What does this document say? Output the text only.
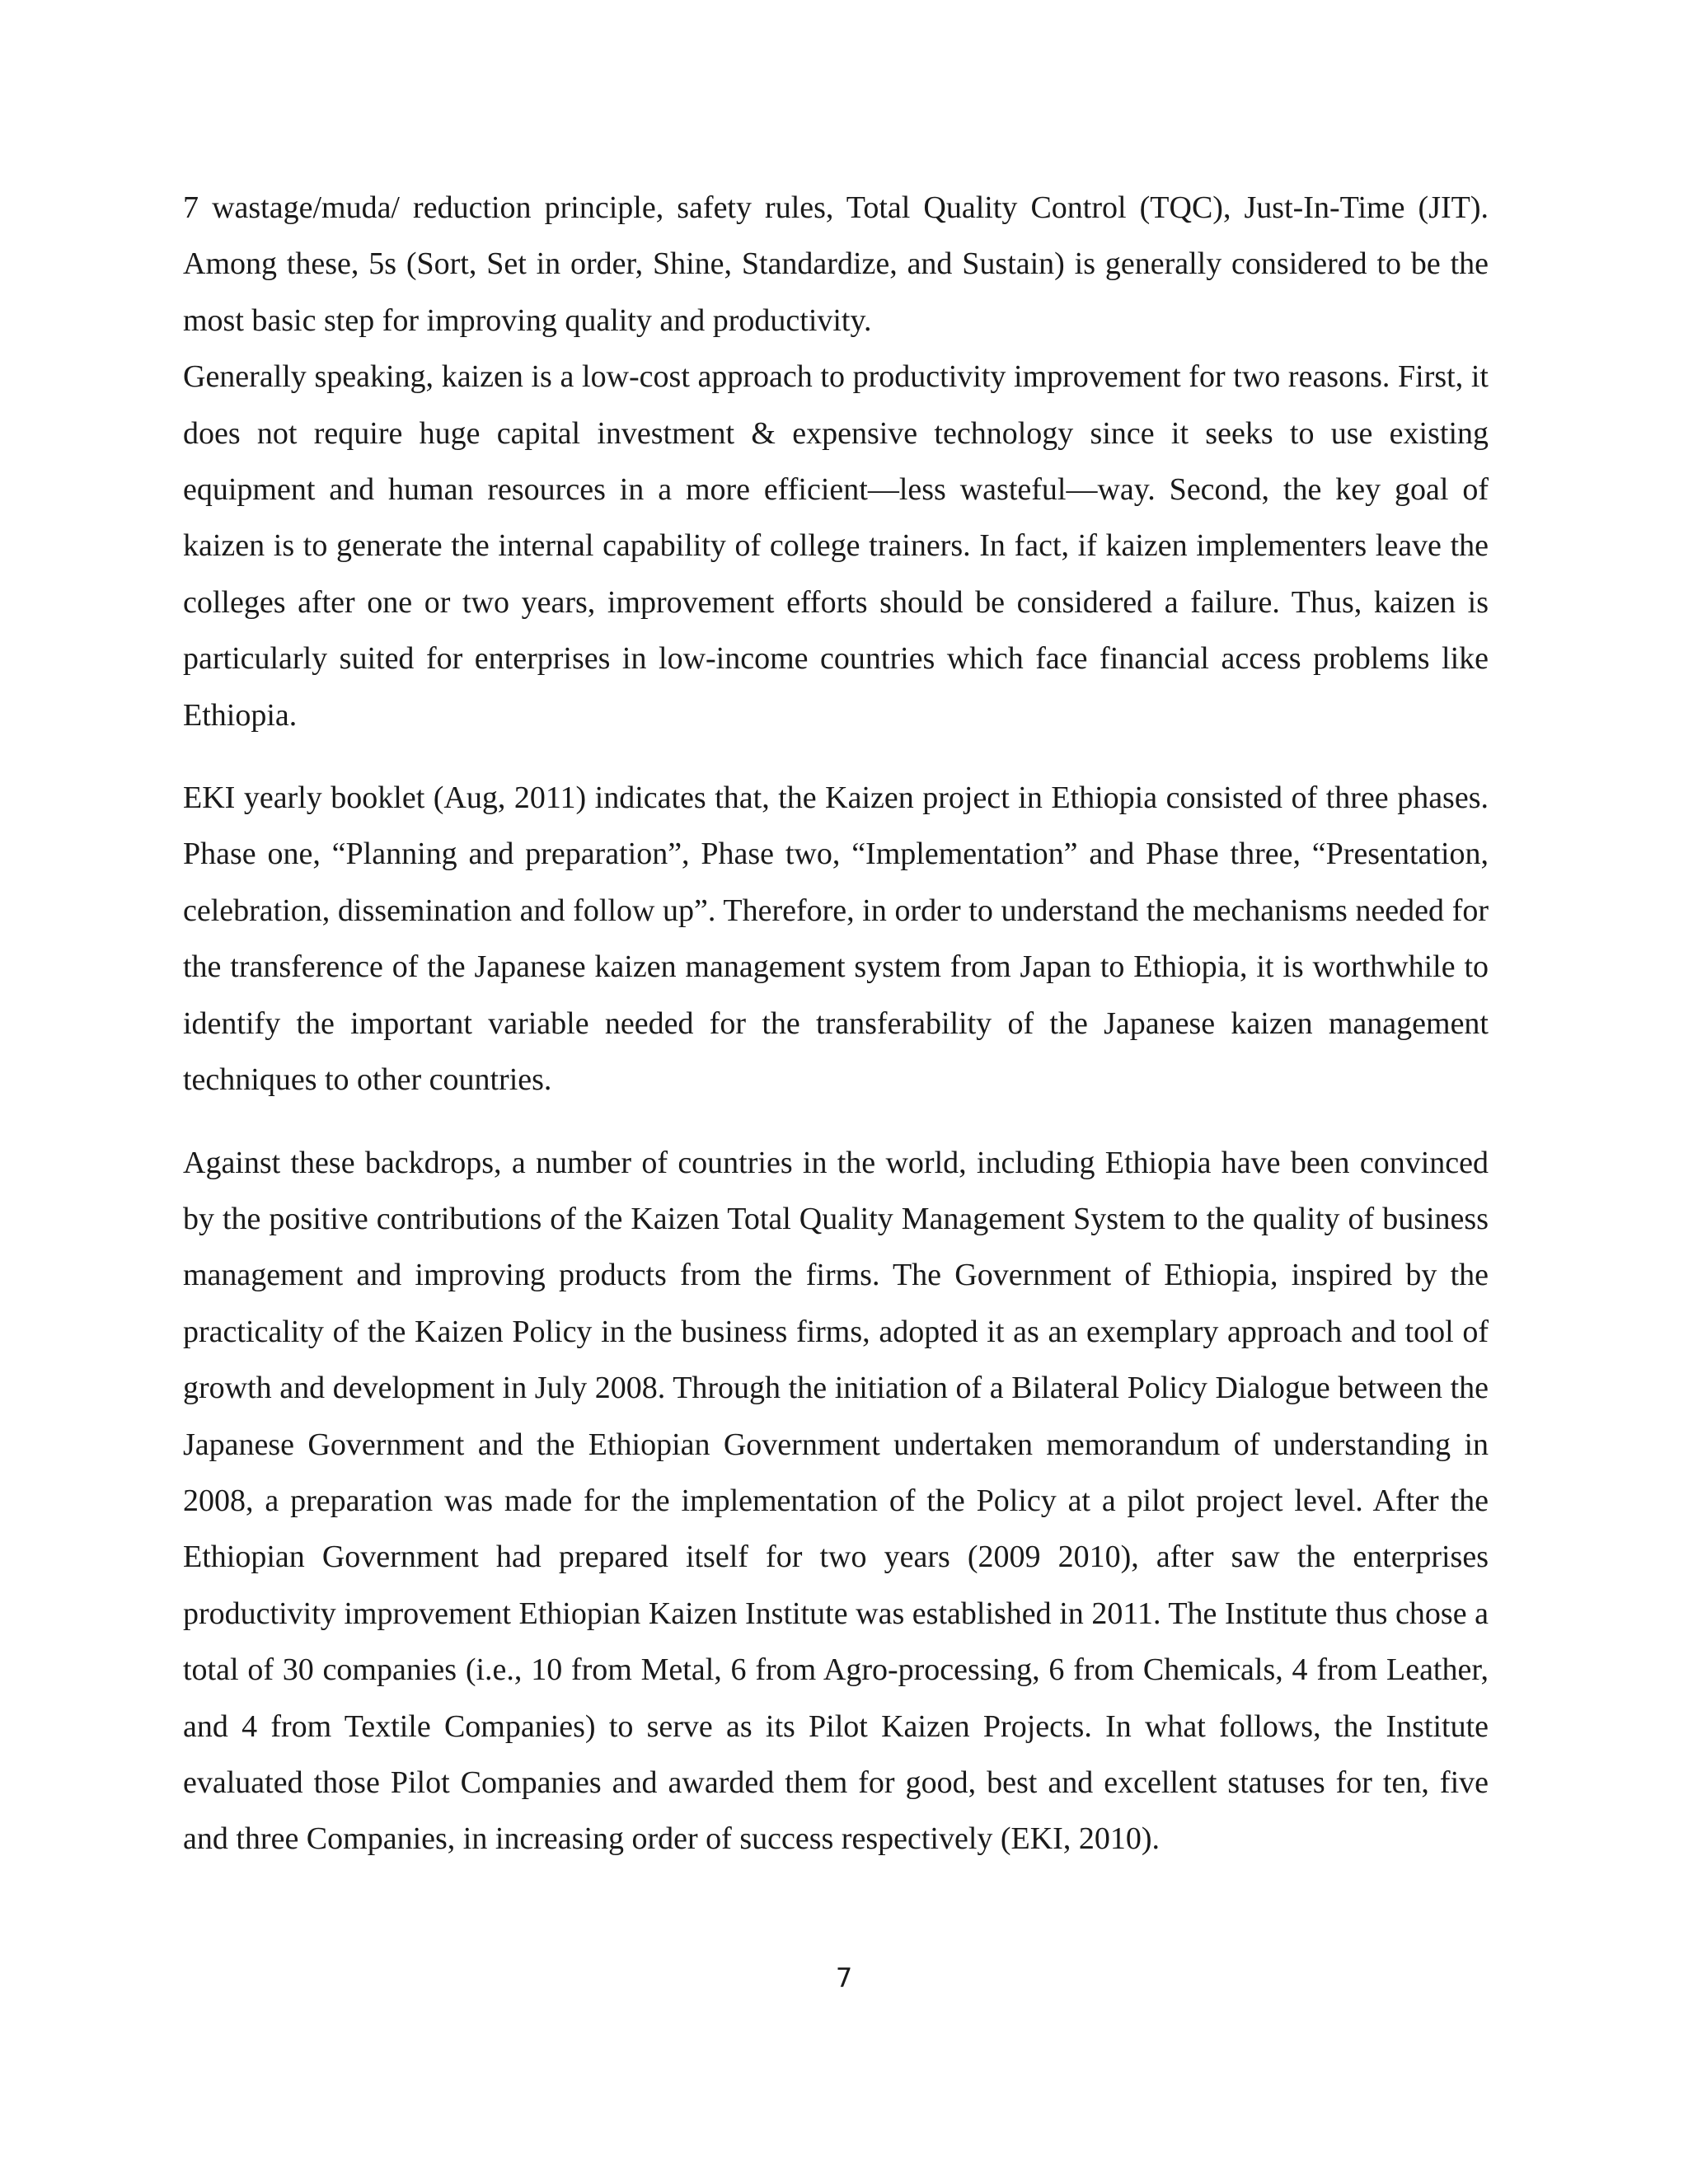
7 wastage/muda/ reduction principle, safety rules, Total Quality Control (TQC), Just-In-Time (JIT). Among these, 5s (Sort, Set in order, Shine, Standardize, and Sustain) is generally considered to be the most basic step for improving quality and productivity.

Generally speaking, kaizen is a low-cost approach to productivity improvement for two reasons. First, it does not require huge capital investment & expensive technology since it seeks to use existing equipment and human resources in a more efficient—less wasteful—way. Second, the key goal of kaizen is to generate the internal capability of college trainers. In fact, if kaizen implementers leave the colleges after one or two years, improvement efforts should be considered a failure. Thus, kaizen is particularly suited for enterprises in low-income countries which face financial access problems like Ethiopia.

EKI yearly booklet (Aug, 2011) indicates that, the Kaizen project in Ethiopia consisted of three phases. Phase one, “Planning and preparation”, Phase two, “Implementation” and Phase three, “Presentation, celebration, dissemination and follow up”. Therefore, in order to understand the mechanisms needed for the transference of the Japanese kaizen management system from Japan to Ethiopia, it is worthwhile to identify the important variable needed for the transferability of the Japanese kaizen management techniques to other countries.

Against these backdrops, a number of countries in the world, including Ethiopia have been convinced by the positive contributions of the Kaizen Total Quality Management System to the quality of business management and improving products from the firms. The Government of Ethiopia, inspired by the practicality of the Kaizen Policy in the business firms, adopted it as an exemplary approach and tool of growth and development in July 2008. Through the initiation of a Bilateral Policy Dialogue between the Japanese Government and the Ethiopian Government undertaken memorandum of understanding in 2008, a preparation was made for the implementation of the Policy at a pilot project level. After the Ethiopian Government had prepared itself for two years (2009 2010), after saw the enterprises productivity improvement Ethiopian Kaizen Institute was established in 2011. The Institute thus chose a total of 30 companies (i.e., 10 from Metal, 6 from Agro-processing, 6 from Chemicals, 4 from Leather, and 4 from Textile Companies) to serve as its Pilot Kaizen Projects. In what follows, the Institute evaluated those Pilot Companies and awarded them for good, best and excellent statuses for ten, five and three Companies, in increasing order of success respectively (EKI, 2010).

7
